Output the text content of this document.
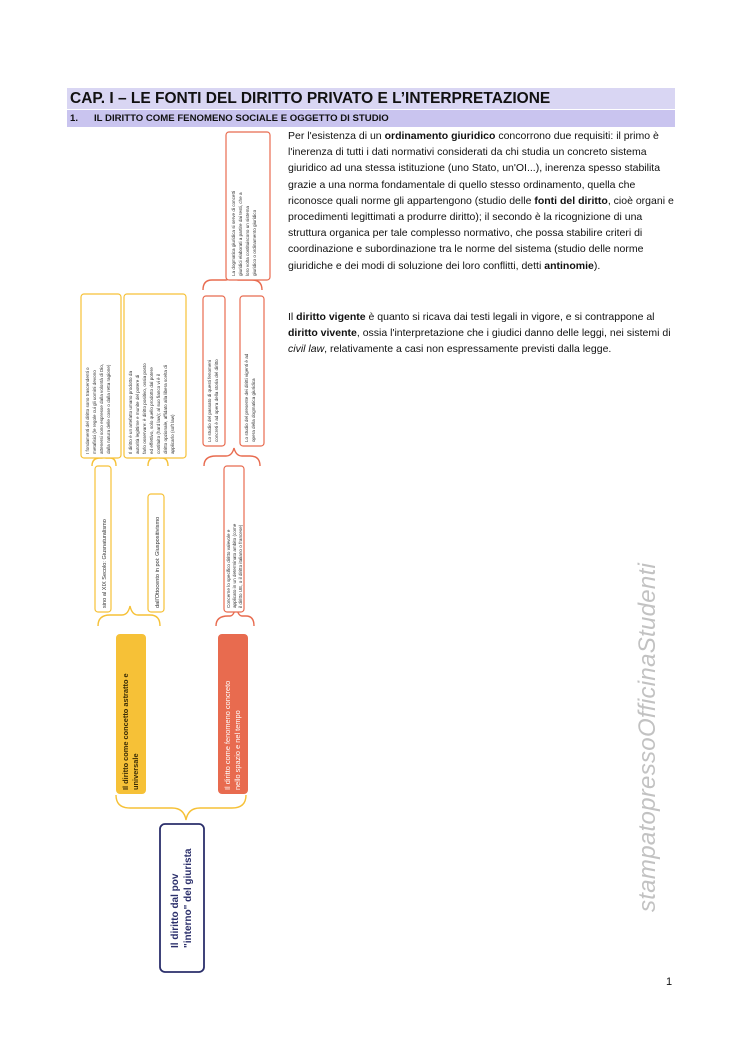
CAP. I – LE FONTI DEL DIRITTO PRIVATO E L’INTERPRETAZIONE
1. IL DIRITTO COME FENOMENO SOCIALE E OGGETTO DI STUDIO

Per l'esistenza di un ordinamento giuridico concorrono due requisiti: il primo è l'inerenza di tutti i dati normativi considerati da chi studia un concreto sistema giuridico ad una stessa istituzione (uno Stato, un'OI...), inerenza spesso stabilita grazie a una norma fondamentale di quello stesso ordinamento, quella che riconosce quali norme gli appartengono (studio delle fonti del diritto, cioè organi e procedimenti legittimati a produrre diritto); il secondo è la ricognizione di una struttura organica per tale complesso normativo, che possa stabilire criteri di coordinazione e subordinazione tra le norme del sistema (studio delle norme giuridiche e dei modi di soluzione dei loro conflitti, detti antinomie).

Il diritto vigente è quanto si ricava dai testi legali in vigore, e si contrappone al diritto vivente, ossia l'interpretazione che i giudici danno delle leggi, nei sistemi di civil law, relativamente a casi non espressamente previsti dalla legge.

Il diritto dal pov "interno" del giurista
Il diritto come concetto astratto e universale	Il diritto come fenomeno concreto nello spazio e nel tempo
sino al XIX Secolo: Giusnaturalismo	dall'Ottocento in poi: Giuspositivismo	Concerne lo specifico diritto valevole e applicato in un determinato ambito (come il diritto UE, o il diritto italiano o francese)
I fondamenti del diritto sono trascendenti o metafisici (le regole cui gli uomini devono attenersi sono espresse dalla volontà di Dio, dalla natura delle cose o dalla retta ragione)	Il diritto è un artefatto umano prodotto da autorità legittime e munite del potere di farlo osservare: è diritto positivo, ossia posto ed effettivo, solo quello prodotto dal potere costituito (hard law); al suo fianco vi è il diritto opzionale, affidato alla libera scelta di applicarlo (soft law)	Lo studio del passato di questi fenomeni concreti è ad opera della storia del diritto	Lo studio del presente dei diritti vigenti è ad opera della dogmatica giuridica
La dogmatica giuridica si serve di concetti giuridici elaborati a partire dai testi, che a loro volta costituiscono un sistema giuridico o ordinamento giuridico
stampatopressoOfficinaStudenti
1
